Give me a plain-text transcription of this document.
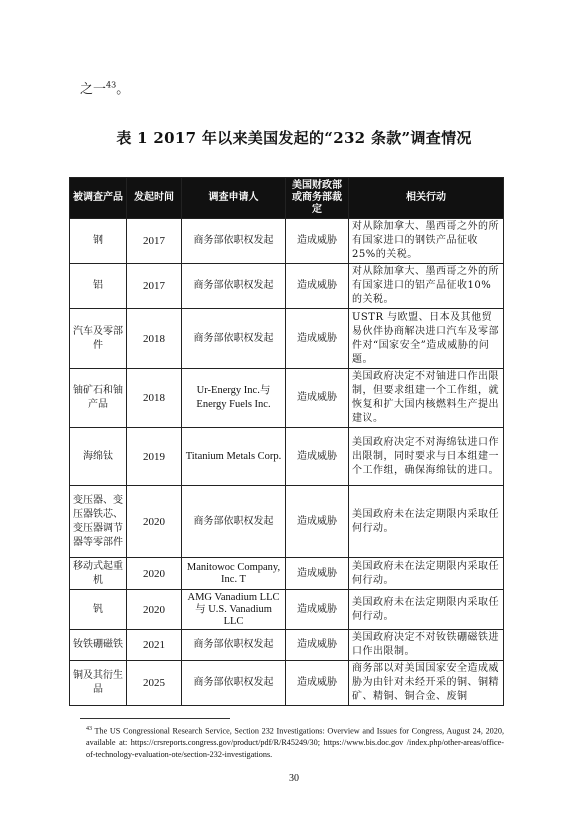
之一$^{43}$。
表 1 2017 年以来美国发起的“232 条款”调查情况
被调查产品	发起时间	调查申请人	美国财政部或商务部裁定	相关行动
钢	2017	商务部依职权发起	造成威胁	对从除加拿大、墨西哥之外的所有国家进口的钢铁产品征收25%的关税。
铝	2017	商务部依职权发起	造成威胁	对从除加拿大、墨西哥之外的所有国家进口的铝产品征收10%的关税。
汽车及零部件	2018	商务部依职权发起	造成威胁	USTR 与欧盟、日本及其他贸易伙伴协商解决进口汽车及零部件对“国家安全”造成威胁的问题。
铀矿石和铀产品	2018	Ur-Energy Inc.与Energy Fuels Inc.	造成威胁	美国政府决定不对铀进口作出限制，但要求组建一个工作组，就恢复和扩大国内核燃料生产提出建议。
海绵钛	2019	Titanium Metals Corp.	造成威胁	美国政府决定不对海绵钛进口作出限制，同时要求与日本组建一个工作组，确保海绵钛的进口。
变压器、变压器铁芯、变压器调节器等零部件	2020	商务部依职权发起	造成威胁	美国政府未在法定期限内采取任何行动。
移动式起重机	2020	Manitowoc Company, Inc. T	造成威胁	美国政府未在法定期限内采取任何行动。
钒	2020	AMG Vanadium LLC 与 U.S. Vanadium LLC	造成威胁	美国政府未在法定期限内采取任何行动。
钕铁硼磁铁	2021	商务部依职权发起	造成威胁	美国政府决定不对钕铁硼磁铁进口作出限制。
铜及其衍生品	2025	商务部依职权发起	造成威胁	商务部以对美国国家安全造成威胁为由针对未经开采的铜、铜精矿、精铜、铜合金、废铜
$^{43}$ The US Congressional Research Service, Section 232 Investigations: Overview and Issues for Congress, August 24, 2020, available at: https://crsreports.congress.gov/product/pdf/R/R45249/30; https://www.bis.doc.gov /index.php/other-areas/office-of-technology-evaluation-ote/section-232-investigations.
30
